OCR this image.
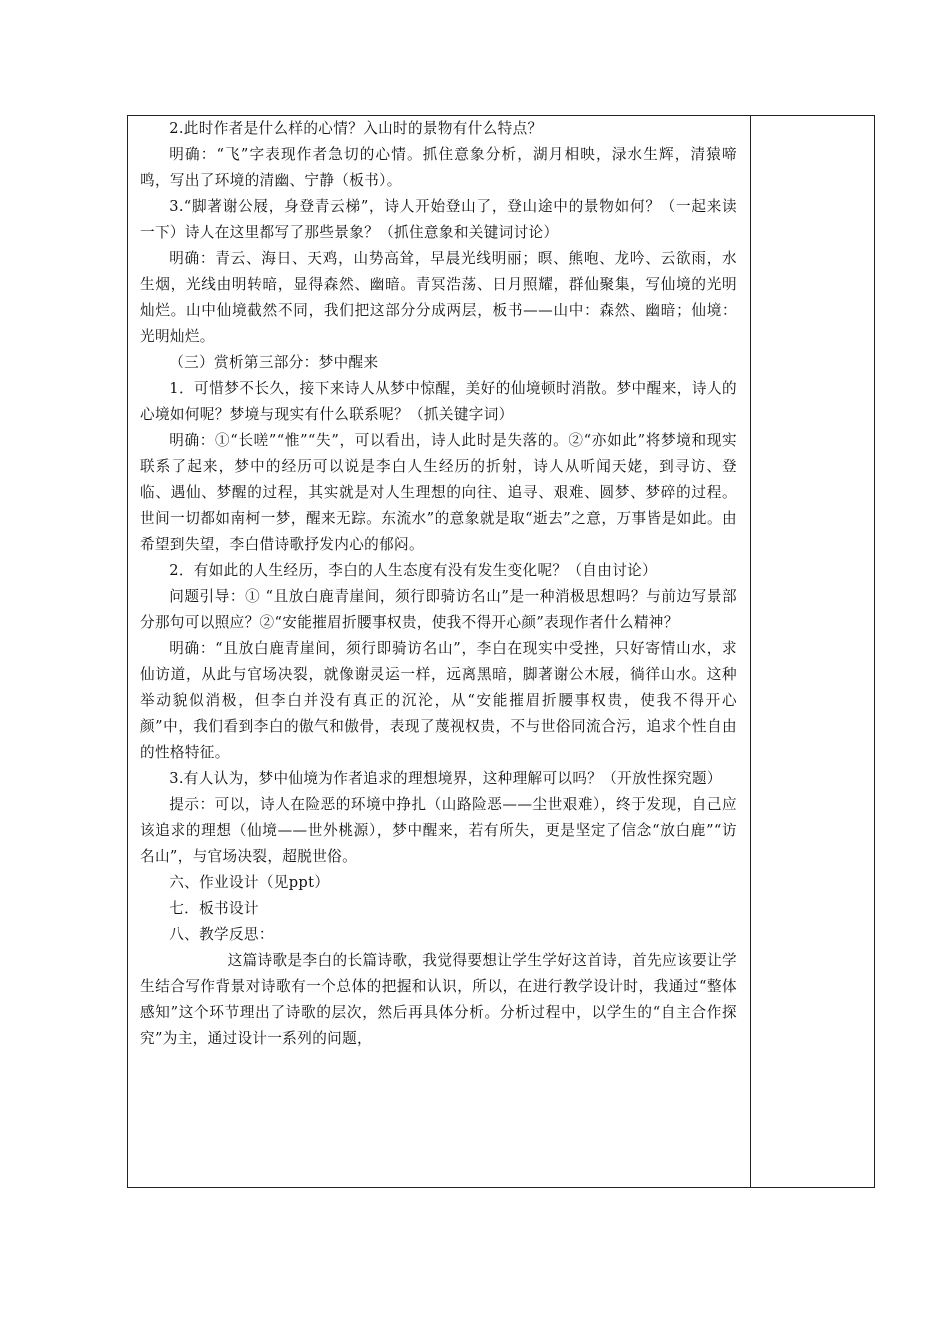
2.此时作者是什么样的心情？入山时的景物有什么特点？

明确：“飞”字表现作者急切的心情。抓住意象分析，湖月相映，渌水生辉，清猿啼鸣，写出了环境的清幽、宁静（板书）。

3.“脚著谢公屐，身登青云梯”，诗人开始登山了，登山途中的景物如何？（一起来读一下）诗人在这里都写了那些景象？（抓住意象和关键词讨论）

明确：青云、海日、天鸡，山势高耸，早晨光线明丽；暝、熊咆、龙吟、云欲雨，水生烟，光线由明转暗，显得森然、幽暗。青冥浩荡、日月照耀，群仙聚集，写仙境的光明灿烂。山中仙境截然不同，我们把这部分分成两层，板书——山中：森然、幽暗；仙境：光明灿烂。

（三）赏析第三部分：梦中醒来

1．可惜梦不长久，接下来诗人从梦中惊醒，美好的仙境顿时消散。梦中醒来，诗人的心境如何呢？梦境与现实有什么联系呢？（抓关键字词）

明确：①“长嗟”“惟”“失”，可以看出，诗人此时是失落的。②“亦如此”将梦境和现实联系了起来，梦中的经历可以说是李白人生经历的折射，诗人从听闻天姥，到寻访、登临、遇仙、梦醒的过程，其实就是对人生理想的向往、追寻、艰难、圆梦、梦碎的过程。世间一切都如南柯一梦，醒来无踪。东流水”的意象就是取“逝去”之意，万事皆是如此。由希望到失望，李白借诗歌抒发内心的郁闷。

2．有如此的人生经历，李白的人生态度有没有发生变化呢？（自由讨论）

问题引导：① “且放白鹿青崖间，须行即骑访名山”是一种消极思想吗？与前边写景部分那句可以照应？②“安能摧眉折腰事权贵，使我不得开心颜”表现作者什么精神？

明确：“且放白鹿青崖间，须行即骑访名山”，李白在现实中受挫，只好寄情山水，求仙访道，从此与官场决裂，就像谢灵运一样，远离黑暗，脚著谢公木屐，徜徉山水。这种举动貌似消极，但李白并没有真正的沉沦，从“安能摧眉折腰事权贵，使我不得开心颜”中，我们看到李白的傲气和傲骨，表现了蔑视权贵，不与世俗同流合污，追求个性自由的性格特征。

3.有人认为，梦中仙境为作者追求的理想境界，这种理解可以吗？（开放性探究题）

提示：可以，诗人在险恶的环境中挣扎（山路险恶——尘世艰难），终于发现，自己应该追求的理想（仙境——世外桃源），梦中醒来，若有所失，更是坚定了信念“放白鹿”“访名山”，与官场决裂，超脱世俗。

六、作业设计（见ppt）

七．板书设计

八、教学反思：

这篇诗歌是李白的长篇诗歌，我觉得要想让学生学好这首诗，首先应该要让学生结合写作背景对诗歌有一个总体的把握和认识，所以，在进行教学设计时，我通过“整体感知”这个环节理出了诗歌的层次，然后再具体分析。分析过程中，以学生的“自主合作探究”为主，通过设计一系列的问题，
